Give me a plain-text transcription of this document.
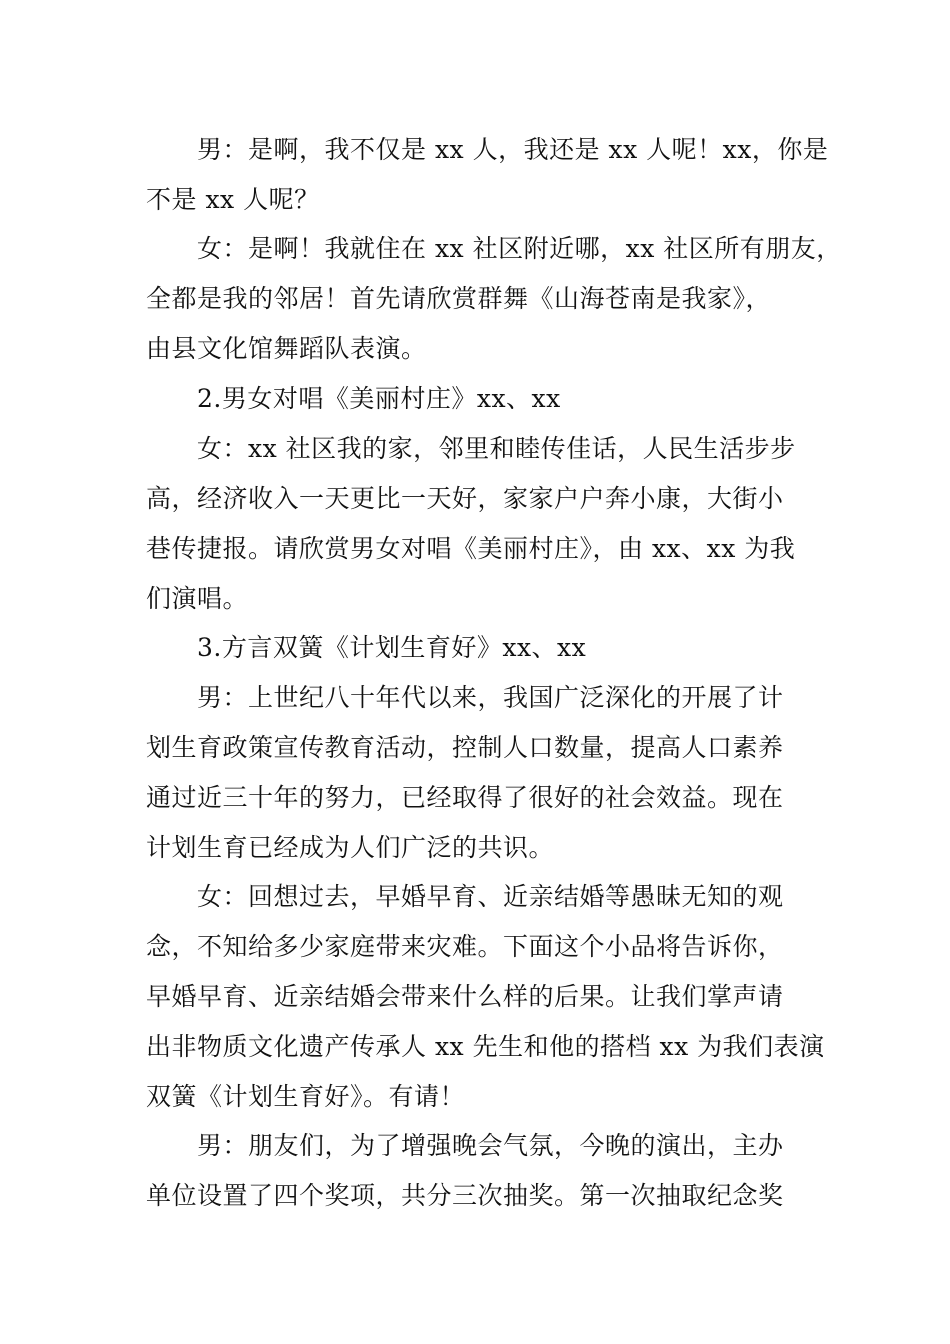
男：是啊，我不仅是 xx 人，我还是 xx 人呢！xx，你是
不是 xx 人呢？
女：是啊！我就住在 xx 社区附近哪，xx 社区所有朋友，
全都是我的邻居！首先请欣赏群舞《山海苍南是我家》，
由县文化馆舞蹈队表演。
2.男女对唱《美丽村庄》xx、xx
女：xx 社区我的家，邻里和睦传佳话，人民生活步步
高，经济收入一天更比一天好，家家户户奔小康，大街小
巷传捷报。请欣赏男女对唱《美丽村庄》，由 xx、xx 为我
们演唱。
3.方言双簧《计划生育好》xx、xx
男：上世纪八十年代以来，我国广泛深化的开展了计
划生育政策宣传教育活动，控制人口数量，提高人口素养
通过近三十年的努力，已经取得了很好的社会效益。现在
计划生育已经成为人们广泛的共识。
女：回想过去，早婚早育、近亲结婚等愚昧无知的观
念，不知给多少家庭带来灾难。下面这个小品将告诉你，
早婚早育、近亲结婚会带来什么样的后果。让我们掌声请
出非物质文化遗产传承人 xx 先生和他的搭档 xx 为我们表演
双簧《计划生育好》。有请！
男：朋友们，为了增强晚会气氛，今晚的演出，主办
单位设置了四个奖项，共分三次抽奖。第一次抽取纪念奖
